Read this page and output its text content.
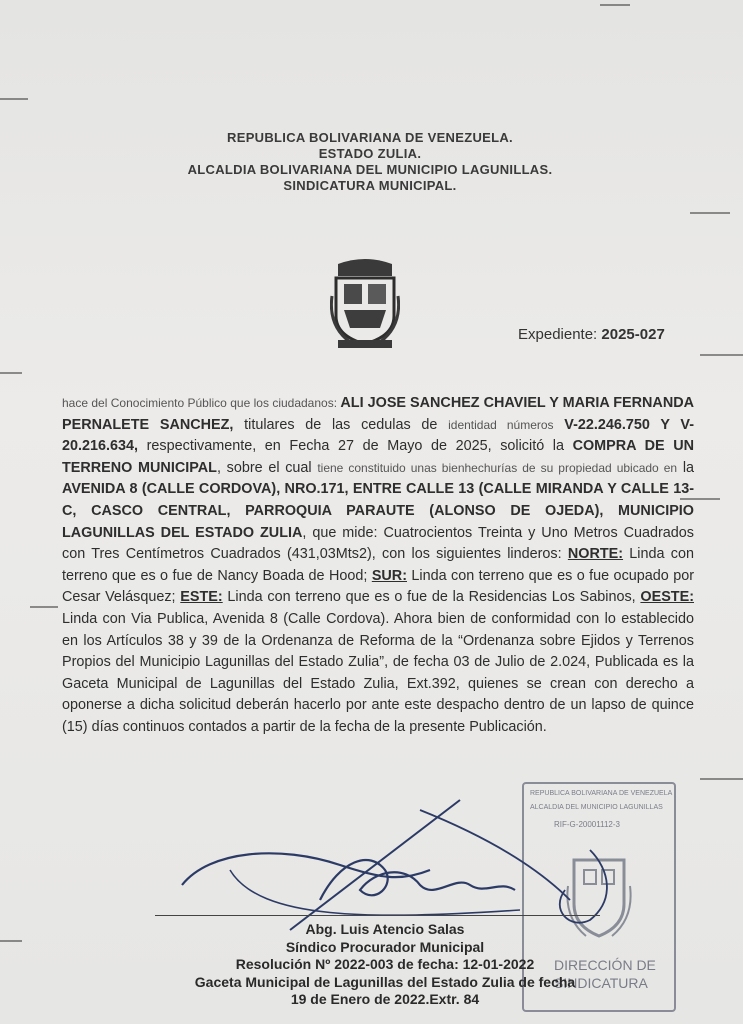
REPUBLICA BOLIVARIANA DE VENEZUELA.
ESTADO ZULIA.
ALCALDIA BOLIVARIANA DEL MUNICIPIO LAGUNILLAS.
SINDICATURA MUNICIPAL.
Expediente: 2025-027
hace del Conocimiento Público que los ciudadanos: ALI JOSE SANCHEZ CHAVIEL Y MARIA FERNANDA PERNALETE SANCHEZ, titulares de las cedulas de identidad números V-22.246.750 Y V- 20.216.634, respectivamente, en Fecha 27 de Mayo de 2025, solicitó la COMPRA DE UN TERRENO MUNICIPAL, sobre el cual tiene constituido unas bienhechurías de su propiedad ubicado en la AVENIDA 8 (CALLE CORDOVA), NRO.171, ENTRE CALLE 13 (CALLE MIRANDA Y CALLE 13-C, CASCO CENTRAL, PARROQUIA PARAUTE (ALONSO DE OJEDA), MUNICIPIO LAGUNILLAS DEL ESTADO ZULIA, que mide: Cuatrocientos Treinta y Uno Metros Cuadrados con Tres Centímetros Cuadrados (431,03Mts2), con los siguientes linderos: NORTE: Linda con terreno que es o fue de Nancy Boada de Hood; SUR: Linda con terreno que es o fue ocupado por Cesar Velásquez; ESTE: Linda con terreno que es o fue de la Residencias Los Sabinos, OESTE: Linda con Via Publica, Avenida 8 (Calle Cordova). Ahora bien de conformidad con lo establecido en los Artículos 38 y 39 de la Ordenanza de Reforma de la “Ordenanza sobre Ejidos y Terrenos Propios del Municipio Lagunillas del Estado Zulia”, de fecha 03 de Julio de 2.024, Publicada es la Gaceta Municipal de Lagunillas del Estado Zulia, Ext.392, quienes se crean con derecho a oponerse a dicha solicitud deberán hacerlo por ante este despacho dentro de un lapso de quince (15) días continuos contados a partir de la fecha de la presente Publicación.
REPUBLICA BOLIVARIANA DE VENEZUELA
ALCALDIA DEL MUNICIPIO LAGUNILLAS
RIF-G-20001112-3
DIRECCIÓN DE
SINDICATURA
Abg. Luis Atencio Salas
Síndico Procurador Municipal
Resolución Nº 2022-003 de fecha: 12-01-2022
Gaceta Municipal de Lagunillas del Estado Zulia de fecha
19 de Enero de 2022.Extr. 84
